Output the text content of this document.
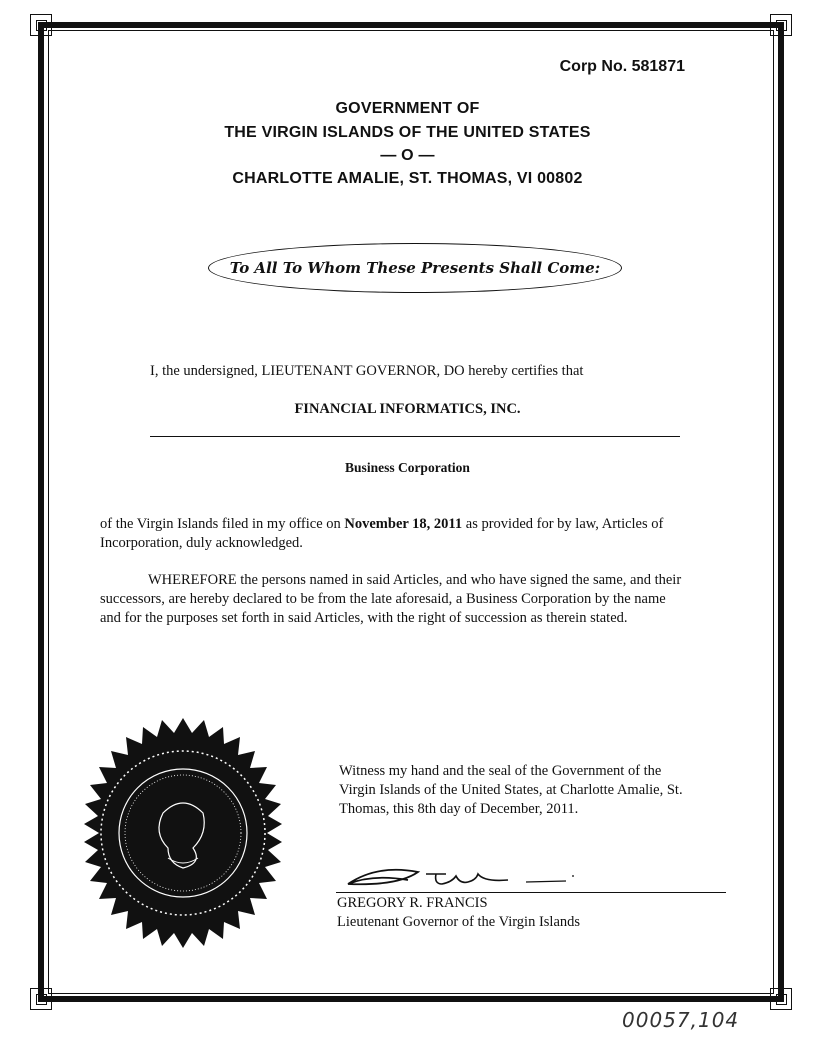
Corp No. 581871
GOVERNMENT OF
THE VIRGIN ISLANDS OF THE UNITED STATES
— O —
CHARLOTTE AMALIE, ST. THOMAS, VI 00802
To All To Whom These Presents Shall Come:
I, the undersigned, LIEUTENANT GOVERNOR, DO hereby certifies that
FINANCIAL INFORMATICS, INC.
Business Corporation
of the Virgin Islands filed in my office on November 18, 2011 as provided for by law, Articles of
Incorporation, duly acknowledged.
WHEREFORE the persons named in said Articles, and who have signed the same, and their
successors, are hereby declared to be from the late aforesaid, a Business Corporation by the name
and for the purposes set forth in said Articles, with the right of succession as therein stated.
Witness my hand and the seal of the Government of the
Virgin Islands of the United States, at Charlotte Amalie, St.
Thomas, this 8th day of December, 2011.
GREGORY R. FRANCIS
Lieutenant Governor of the Virgin Islands
00057,104
